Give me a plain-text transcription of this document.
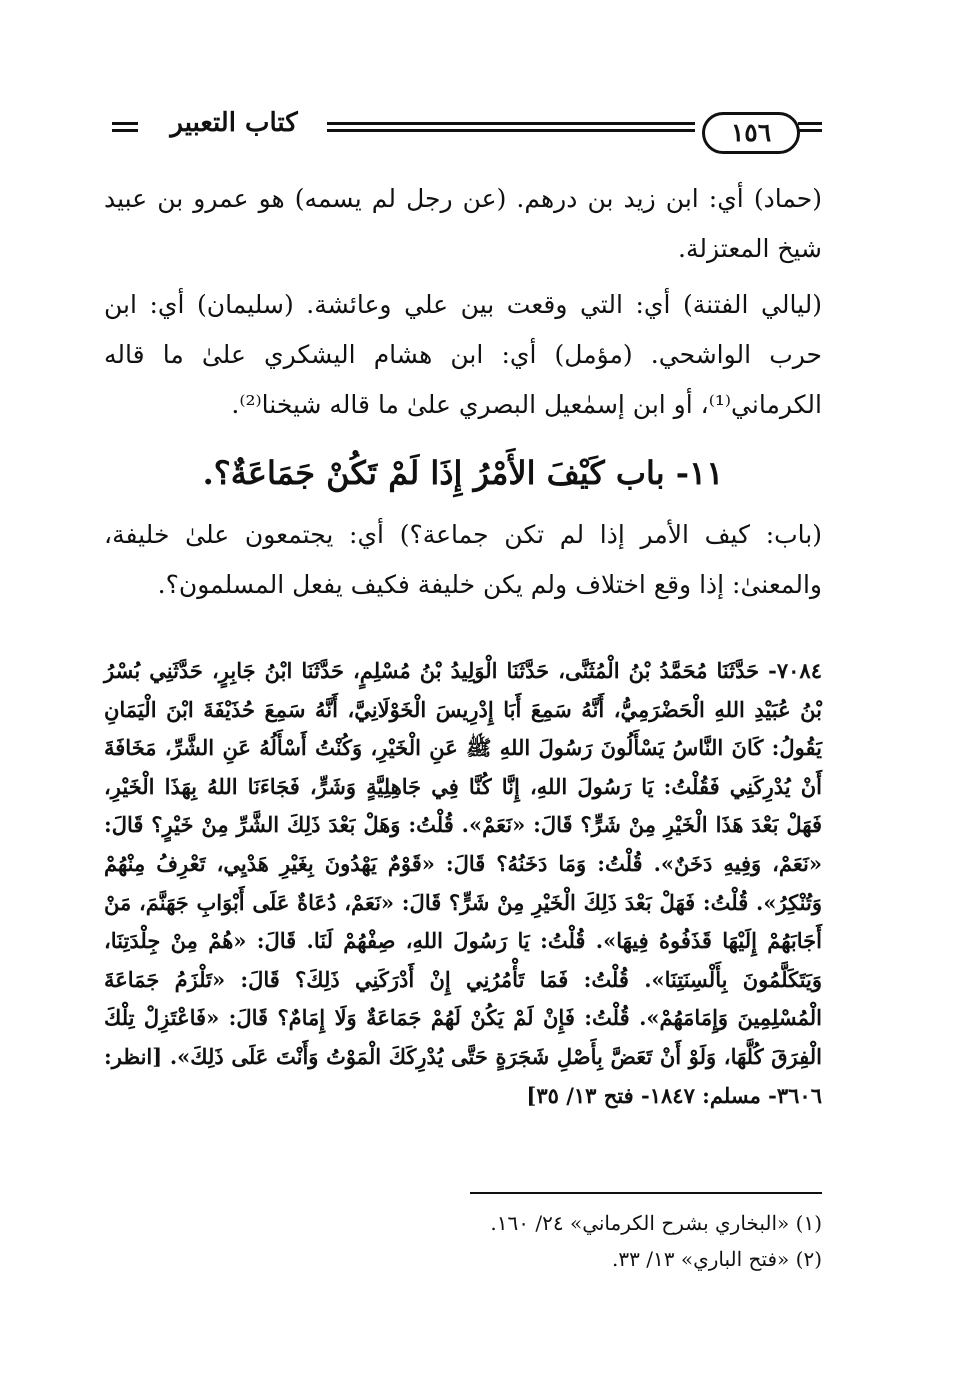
كتاب التعبير	١٥٦

(حماد) أي: ابن زيد بن درهم. (عن رجل لم يسمه) هو عمرو بن عبيد شيخ المعتزلة.

(ليالي الفتنة) أي: التي وقعت بين علي وعائشة. (سليمان) أي: ابن حرب الواشحي. (مؤمل) أي: ابن هشام اليشكري علىٰ ما قاله الكرماني⁽¹⁾، أو ابن إسمٰعيل البصري علىٰ ما قاله شيخنا⁽²⁾.

١١- باب كَيْفَ الأَمْرُ إِذَا لَمْ تَكُنْ جَمَاعَةٌ؟.

(باب: كيف الأمر إذا لم تكن جماعة؟) أي: يجتمعون علىٰ خليفة، والمعنىٰ: إذا وقع اختلاف ولم يكن خليفة فكيف يفعل المسلمون؟.

٧٠٨٤- حَدَّثَنَا مُحَمَّدُ بْنُ الْمُثَنَّى، حَدَّثَنَا الْوَلِيدُ بْنُ مُسْلِمٍ، حَدَّثَنَا ابْنُ جَابِرٍ، حَدَّثَنِي بُسْرُ بْنُ عُبَيْدِ اللهِ الْحَضْرَمِيُّ، أَنَّهُ سَمِعَ أَبَا إِدْرِيسَ الْخَوْلَانِيَّ، أَنَّهُ سَمِعَ حُذَيْفَةَ ابْنَ الْيَمَانِ يَقُولُ: كَانَ النَّاسُ يَسْأَلُونَ رَسُولَ اللهِ ﷺ عَنِ الْخَيْرِ، وَكُنْتُ أَسْأَلُهُ عَنِ الشَّرِّ، مَخَافَةَ أَنْ يُدْرِكَنِي فَقُلْتُ: يَا رَسُولَ اللهِ، إِنَّا كُنَّا فِي جَاهِلِيَّةٍ وَشَرٍّ، فَجَاءَنَا اللهُ بِهَذَا الْخَيْرِ، فَهَلْ بَعْدَ هَذَا الْخَيْرِ مِنْ شَرٍّ؟ قَالَ: «نَعَمْ». قُلْتُ: وَهَلْ بَعْدَ ذَلِكَ الشَّرِّ مِنْ خَيْرٍ؟ قَالَ: «نَعَمْ، وَفِيهِ دَخَنٌ». قُلْتُ: وَمَا دَخَنُهُ؟ قَالَ: «قَوْمٌ يَهْدُونَ بِغَيْرِ هَدْيِي، تَعْرِفُ مِنْهُمْ وَتُنْكِرُ». قُلْتُ: فَهَلْ بَعْدَ ذَلِكَ الْخَيْرِ مِنْ شَرٍّ؟ قَالَ: «نَعَمْ، دُعَاةٌ عَلَى أَبْوَابِ جَهَنَّمَ، مَنْ أَجَابَهُمْ إِلَيْهَا قَذَفُوهُ فِيهَا». قُلْتُ: يَا رَسُولَ اللهِ، صِفْهُمْ لَنَا. قَالَ: «هُمْ مِنْ جِلْدَتِنَا، وَيَتَكَلَّمُونَ بِأَلْسِنَتِنَا». قُلْتُ: فَمَا تَأْمُرُنِي إِنْ أَدْرَكَنِي ذَلِكَ؟ قَالَ: «تَلْزَمُ جَمَاعَةَ الْمُسْلِمِينَ وَإِمَامَهُمْ». قُلْتُ: فَإِنْ لَمْ يَكُنْ لَهُمْ جَمَاعَةٌ وَلَا إِمَامٌ؟ قَالَ: «فَاعْتَزِلْ تِلْكَ الْفِرَقَ كُلَّهَا، وَلَوْ أَنْ تَعَضَّ بِأَصْلِ شَجَرَةٍ حَتَّى يُدْرِكَكَ الْمَوْتُ وَأَنْتَ عَلَى ذَلِكَ». [انظر: ٣٦٠٦- مسلم: ١٨٤٧- فتح ١٣/ ٣٥]
(١) «البخاري بشرح الكرماني» ٢٤/ ١٦٠.
(٢) «فتح الباري» ١٣/ ٣٣.
